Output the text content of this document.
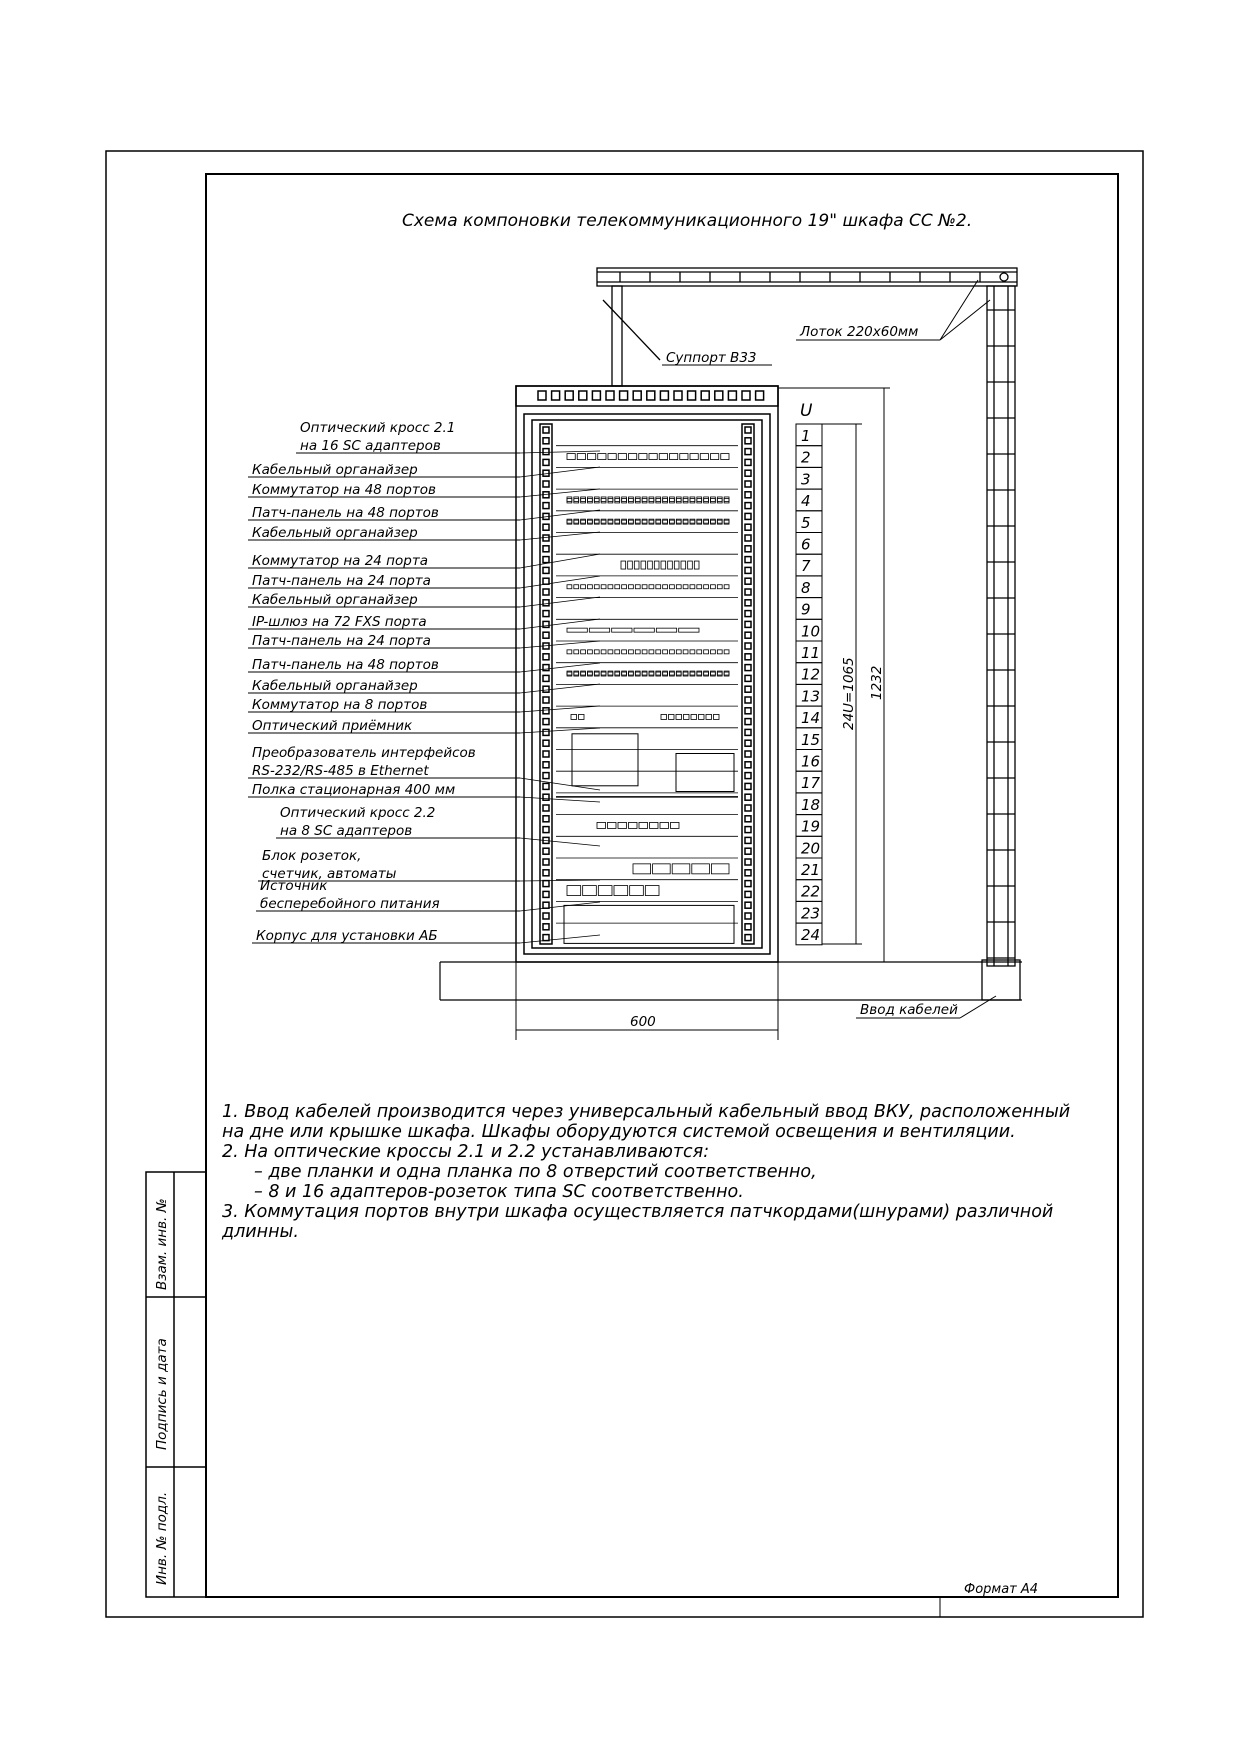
Инв. № подл.
Подпись и дата
Взам. инв. №
Схема компоновки телекоммуникационного 19" шкафа СС №2.
Суппорт В33
Лоток 220х60мм
U
1
2
3
4
5
6
7
8
9
10
11
12
13
14
15
16
17
18
19
20
21
22
23
24
24U=1065 1232
600
Ввод кабелей
Оптический кросс 2.1
на 16 SC адаптеров
Кабельный органайзер
Коммутатор на 48 портов
Патч-панель на 48 портов
Кабельный органайзер
Коммутатор на 24 порта
Патч-панель на 24 порта
Кабельный органайзер
IP-шлюз на 72 FXS порта
Патч-панель на 24 порта
Патч-панель на 48 портов
Кабельный органайзер
Коммутатор на 8 портов
Оптический приёмник
Преобразователь интерфейсов
RS-232/RS-485 в Ethernet
Полка стационарная 400 мм
Оптический кросс 2.2
на 8 SC адаптеров
Блок розеток,
счетчик, автоматы
Источник
бесперебойного питания
Корпус для установки АБ
1. Ввод кабелей производится через универсальный кабельный ввод ВКУ, расположенный
на дне или крышке шкафа. Шкафы оборудуются системой освещения и вентиляции.
2. На оптические кроссы 2.1 и 2.2 устанавливаются:
– две планки и одна планка по 8 отверстий соответственно,
– 8 и 16 адаптеров-розеток типа SC соответственно.
3. Коммутация портов внутри шкафа осуществляется патчкордами(шнурами) различной
длинны.
Формат А4
